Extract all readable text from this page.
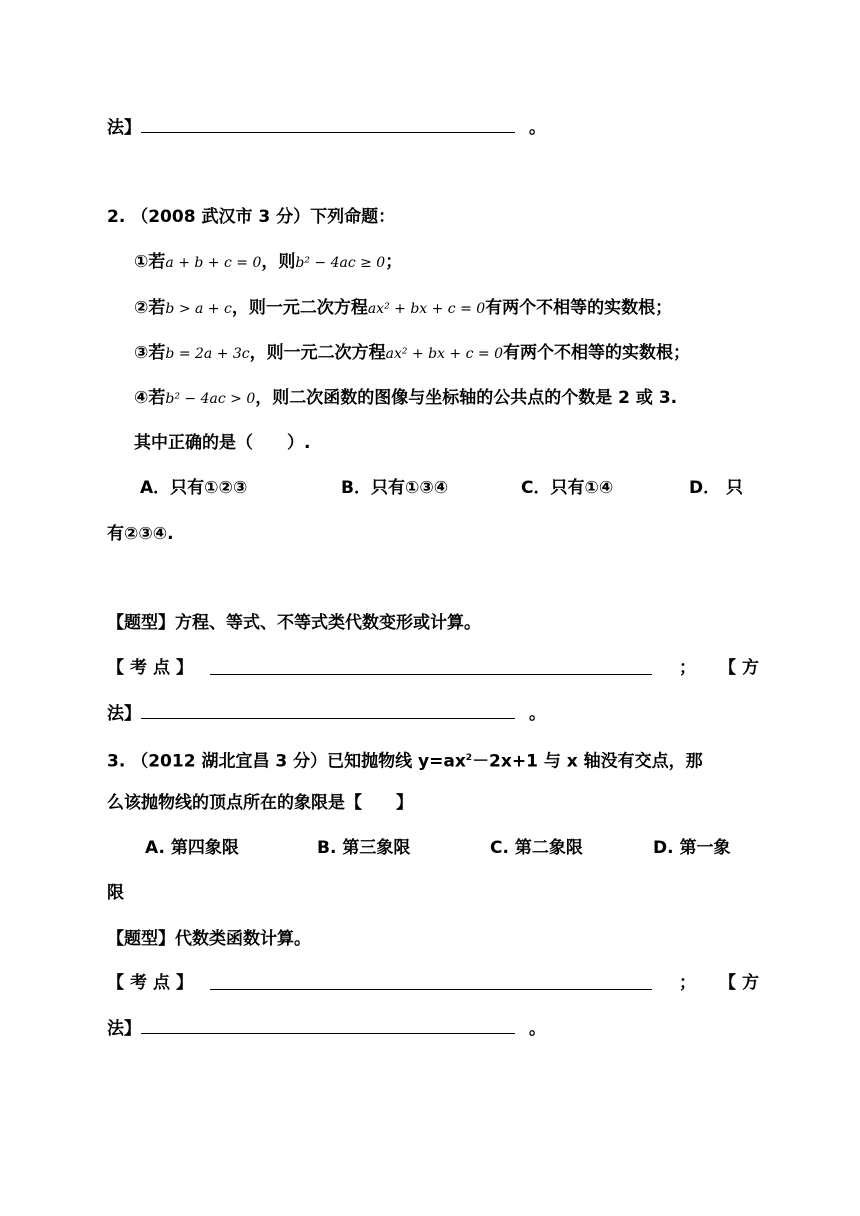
法】	。
2. （2008 武汉市 3 分）下列命题：
①若a + b + c = 0，则b² − 4ac ≥ 0；
②若b > a + c，则一元二次方程ax² + bx + c = 0有两个不相等的实数根；
③若b = 2a + 3c，则一元二次方程ax² + bx + c = 0有两个不相等的实数根；
④若b² − 4ac > 0，则二次函数的图像与坐标轴的公共点的个数是 2 或 3.
其中正确的是（　　）.
A．只有①②③	B．只有①③④	C．只有①④	D． 只
有②③④.
【题型】方程、等式、不等式类代数变形或计算。
【考点】	； 【方
法】	。
3. （2012 湖北宜昌 3 分）已知抛物线 $y=ax^2-2x+1$ 与 x 轴没有交点，那
么该抛物线的顶点所在的象限是【　　】
A. 第四象限	B. 第三象限	C. 第二象限	D. 第一象
限
【题型】代数类函数计算。
【考点】	； 【方
法】	。
